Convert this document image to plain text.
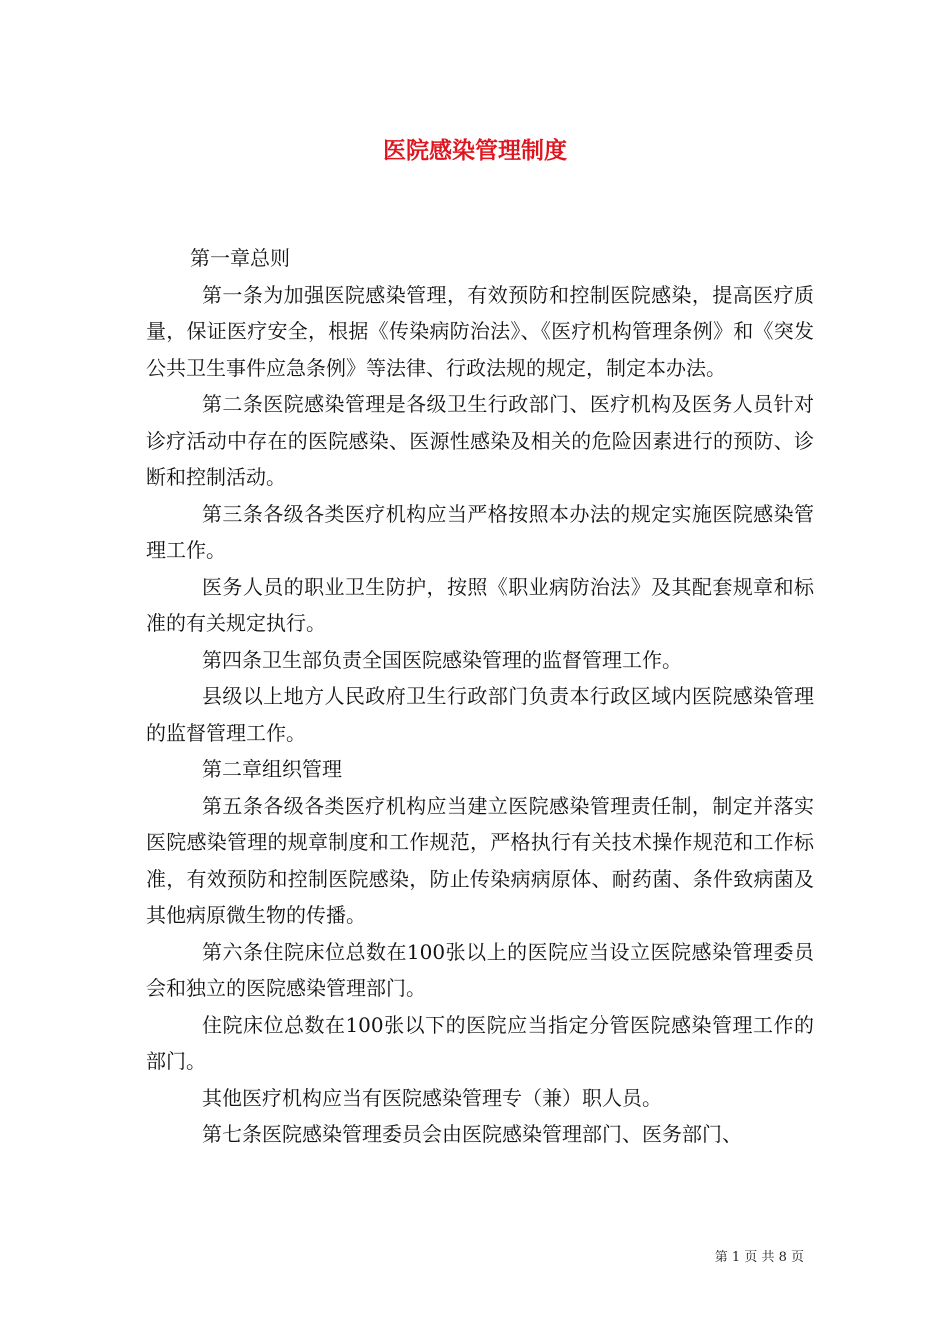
医院感染管理制度

第一章总则

第一条为加强医院感染管理，有效预防和控制医院感染，提高医疗质量，保证医疗安全，根据《传染病防治法》、《医疗机构管理条例》和《突发公共卫生事件应急条例》等法律、行政法规的规定，制定本办法。

第二条医院感染管理是各级卫生行政部门、医疗机构及医务人员针对诊疗活动中存在的医院感染、医源性感染及相关的危险因素进行的预防、诊断和控制活动。

第三条各级各类医疗机构应当严格按照本办法的规定实施医院感染管理工作。

医务人员的职业卫生防护，按照《职业病防治法》及其配套规章和标准的有关规定执行。

第四条卫生部负责全国医院感染管理的监督管理工作。

县级以上地方人民政府卫生行政部门负责本行政区域内医院感染管理的监督管理工作。

第二章组织管理

第五条各级各类医疗机构应当建立医院感染管理责任制，制定并落实医院感染管理的规章制度和工作规范，严格执行有关技术操作规范和工作标准，有效预防和控制医院感染，防止传染病病原体、耐药菌、条件致病菌及其他病原微生物的传播。

第六条住院床位总数在100张以上的医院应当设立医院感染管理委员会和独立的医院感染管理部门。

住院床位总数在100张以下的医院应当指定分管医院感染管理工作的部门。

其他医疗机构应当有医院感染管理专（兼）职人员。

第七条医院感染管理委员会由医院感染管理部门、医务部门、

第 1 页 共 8 页
